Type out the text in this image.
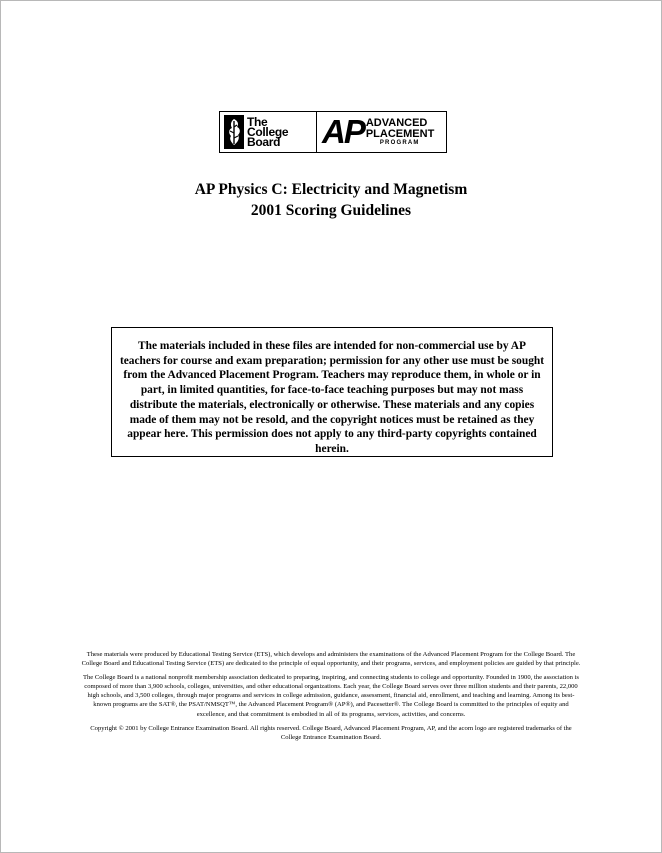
The
College
Board AP ADVANCED
PLACEMENT
PROGRAM
AP Physics C: Electricity and Magnetism
2001 Scoring Guidelines
The materials included in these files are intended for non-commercial use by AP teachers for course and exam preparation; permission for any other use must be sought from the Advanced Placement Program. Teachers may reproduce them, in whole or in part, in limited quantities, for face-to-face teaching purposes but may not mass distribute the materials, electronically or otherwise. These materials and any copies made of them may not be resold, and the copyright notices must be retained as they appear here. This permission does not apply to any third-party copyrights contained herein.

These materials were produced by Educational Testing Service (ETS), which develops and administers the examinations of the Advanced Placement Program for the College Board. The College Board and Educational Testing Service (ETS) are dedicated to the principle of equal opportunity, and their programs, services, and employment policies are guided by that principle.

The College Board is a national nonprofit membership association dedicated to preparing, inspiring, and connecting students to college and opportunity. Founded in 1900, the association is composed of more than 3,900 schools, colleges, universities, and other educational organizations. Each year, the College Board serves over three million students and their parents, 22,000 high schools, and 3,500 colleges, through major programs and services in college admission, guidance, assessment, financial aid, enrollment, and teaching and learning. Among its best-known programs are the SAT®, the PSAT/NMSQT™, the Advanced Placement Program® (AP®), and Pacesetter®. The College Board is committed to the principles of equity and excellence, and that commitment is embodied in all of its programs, services, activities, and concerns.

Copyright © 2001 by College Entrance Examination Board. All rights reserved. College Board, Advanced Placement Program, AP, and the acorn logo are registered trademarks of the College Entrance Examination Board.
